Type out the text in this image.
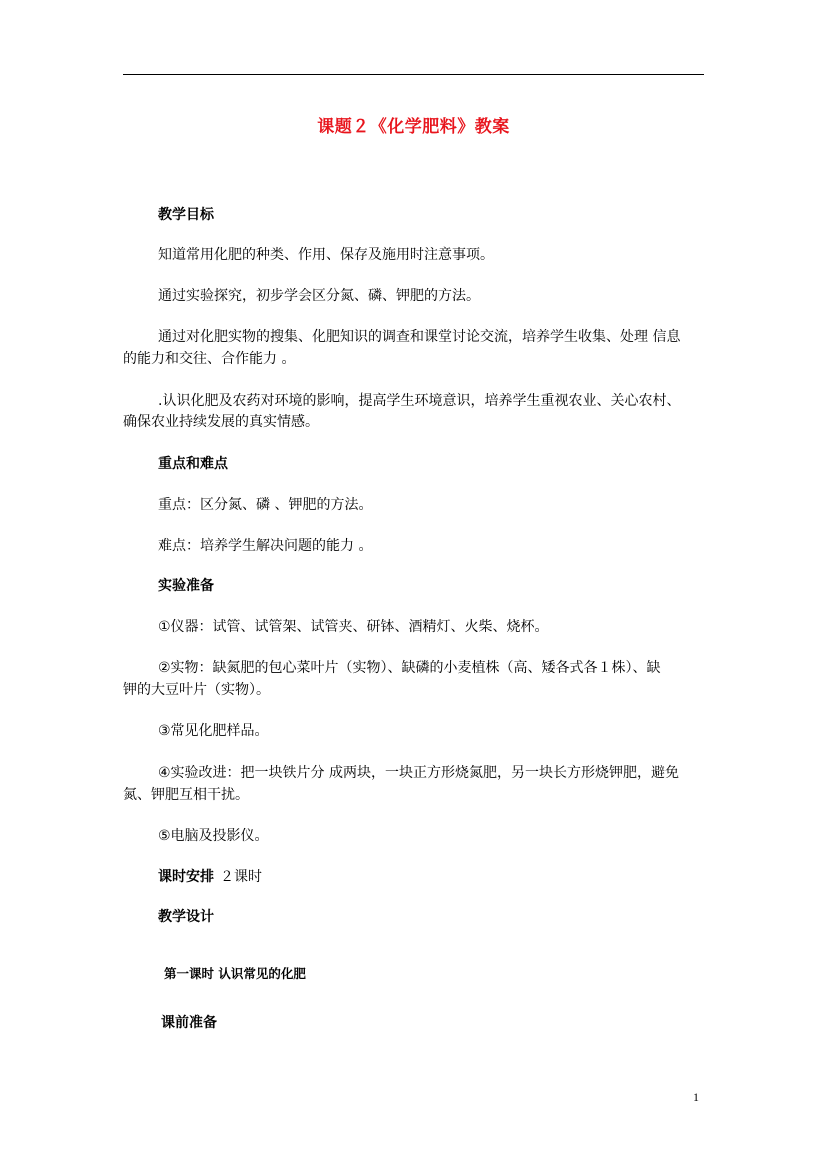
课题２《化学肥料》教案
教学目标
知道常用化肥的种类、作用、保存及施用时注意事项。
通过实验探究，初步学会区分氮、磷、钾肥的方法。
通过对化肥实物的搜集、化肥知识的调查和课堂讨论交流，培养学生收集、处理 信息
的能力和交往、合作能力 。
.认识化肥及农药对环境的影响，提高学生环境意识，培养学生重视农业、关心农村、
确保农业持续发展的真实情感。
重点和难点
重点：区分氮、磷 、钾肥的方法。
难点：培养学生解决问题的能力 。
实验准备
①仪器：试管、试管架、试管夹、研钵、酒精灯、火柴、烧杯。
②实物：缺氮肥的包心菜叶片（实物）、缺磷的小麦植株（高、矮各式各１株）、缺
钾的大豆叶片（实物）。
③常见化肥样品。
④实验改进：把一块铁片分 成两块，一块正方形烧氮肥，另一块长方形烧钾肥，避免
氮、钾肥互相干扰。
⑤电脑及投影仪。
课时安排 ２课时
教学设计
第一课时 认识常见的化肥
课前准备
1
